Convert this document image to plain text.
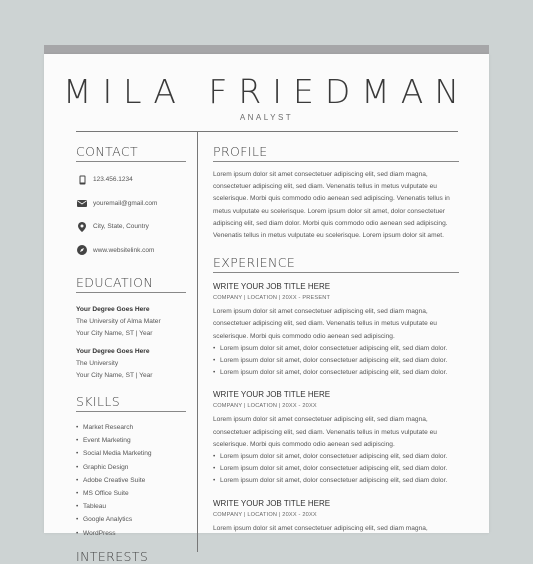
MILA FRIEDMAN
ANALYST
CONTACT
123.456.1234
youremail@gmail.com
City, State, Country
www.websitelink.com
EDUCATION
Your Degree Goes Here
The University of Alma Mater
Your City Name, ST | Year
Your Degree Goes Here
The University
Your City Name, ST | Year
SKILLS
• Market Research
• Event Marketing
• Social Media Marketing
• Graphic Design
• Adobe Creative Suite
• MS Office Suite
• Tableau
• Google Analytics
• WordPress
INTERESTS
PROFILE
Lorem ipsum dolor sit amet consectetuer adipiscing elit, sed diam magna, consectetuer adipiscing elit, sed diam. Venenatis tellus in metus vulputate eu scelerisque. Morbi quis commodo odio aenean sed adipiscing. Venenatis tellus in metus vulputate eu scelerisque. Lorem ipsum dolor sit amet, dolor consectetuer adipiscing elit, sed diam dolor. Morbi quis commodo odio aenean sed adipiscing. Venenatis tellus in metus vulputate eu scelerisque. Lorem ipsum dolor sit amet.
EXPERIENCE
WRITE YOUR JOB TITLE HERE
COMPANY | LOCATION | 20XX - PRESENT
Lorem ipsum dolor sit amet consectetuer adipiscing elit, sed diam magna, consectetuer adipiscing elit, sed diam. Venenatis tellus in metus vulputate eu scelerisque. Morbi quis commodo odio aenean sed adipiscing.
• Lorem ipsum dolor sit amet, dolor consectetuer adipiscing elit, sed diam dolor.
• Lorem ipsum dolor sit amet, dolor consectetuer adipiscing elit, sed diam dolor.
• Lorem ipsum dolor sit amet, dolor consectetuer adipiscing elit, sed diam dolor.
WRITE YOUR JOB TITLE HERE
COMPANY | LOCATION | 20XX - 20XX
Lorem ipsum dolor sit amet consectetuer adipiscing elit, sed diam magna, consectetuer adipiscing elit, sed diam. Venenatis tellus in metus vulputate eu scelerisque. Morbi quis commodo odio aenean sed adipiscing.
• Lorem ipsum dolor sit amet, dolor consectetuer adipiscing elit, sed diam dolor.
• Lorem ipsum dolor sit amet, dolor consectetuer adipiscing elit, sed diam dolor.
• Lorem ipsum dolor sit amet, dolor consectetuer adipiscing elit, sed diam dolor.
WRITE YOUR JOB TITLE HERE
COMPANY | LOCATION | 20XX - 20XX
Lorem ipsum dolor sit amet consectetuer adipiscing elit, sed diam magna,
